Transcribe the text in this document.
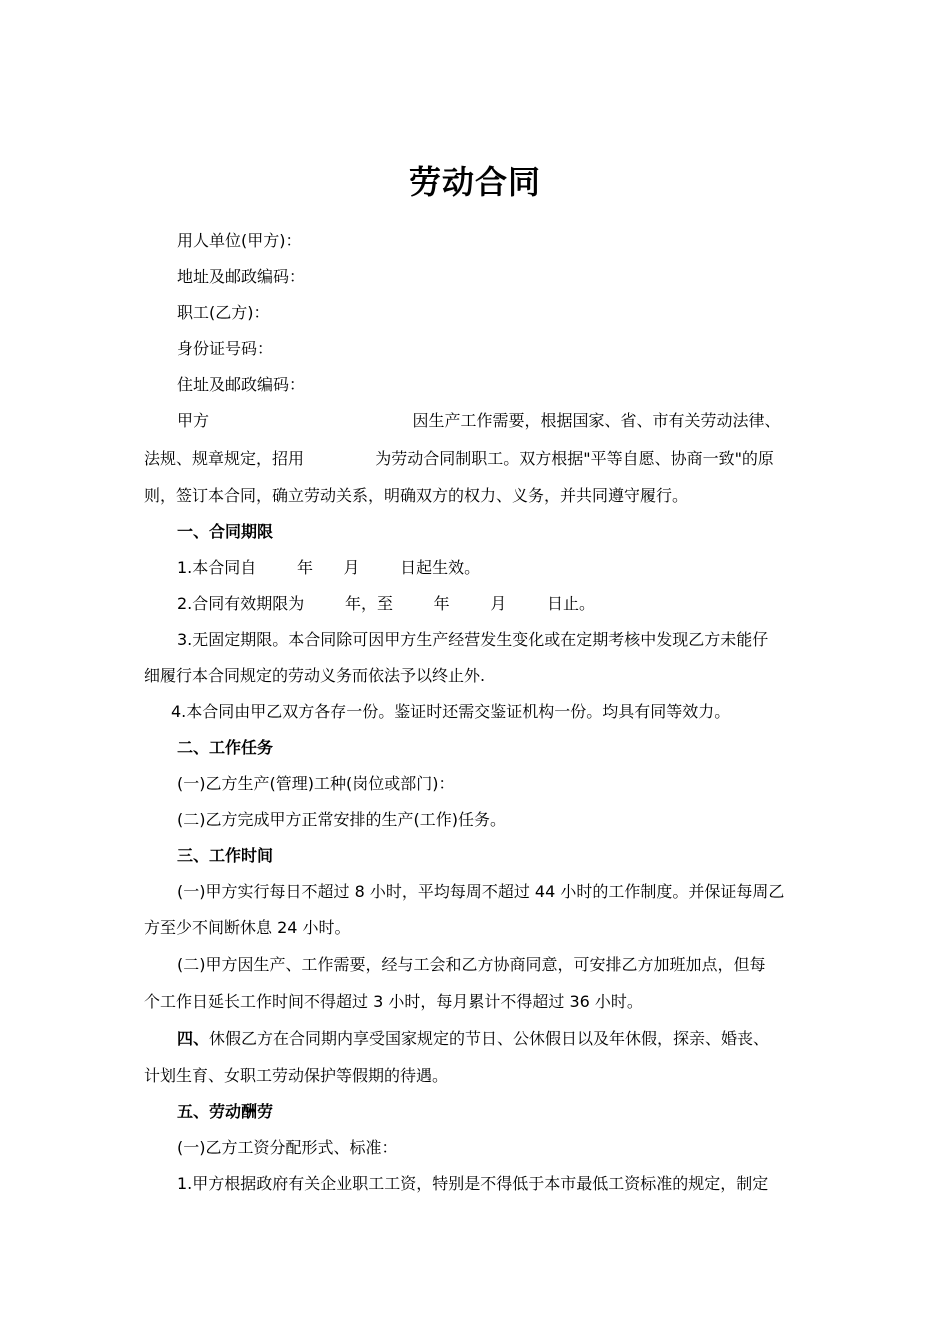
劳动合同
用人单位(甲方)：
地址及邮政编码：
职工(乙方)：
身份证号码：
住址及邮政编码：
甲方                                        因生产工作需要，根据国家、省、市有关劳动法律、
法规、规章规定，招用              为劳动合同制职工。双方根据"平等自愿、协商一致"的原
则，签订本合同，确立劳动关系，明确双方的权力、义务，并共同遵守履行。
一、合同期限
1.本合同自        年      月        日起生效。
2.合同有效期限为        年，至        年        月        日止。
3.无固定期限。本合同除可因甲方生产经营发生变化或在定期考核中发现乙方未能仔
细履行本合同规定的劳动义务而依法予以终止外.
4.本合同由甲乙双方各存一份。鉴证时还需交鉴证机构一份。均具有同等效力。
二、工作任务
(一)乙方生产(管理)工种(岗位或部门)：
(二)乙方完成甲方正常安排的生产(工作)任务。
三、工作时间
(一)甲方实行每日不超过 8 小时，平均每周不超过 44 小时的工作制度。并保证每周乙
方至少不间断休息 24 小时。
(二)甲方因生产、工作需要，经与工会和乙方协商同意，可安排乙方加班加点，但每
个工作日延长工作时间不得超过 3 小时，每月累计不得超过 36 小时。
四、休假乙方在合同期内享受国家规定的节日、公休假日以及年休假，探亲、婚丧、
计划生育、女职工劳动保护等假期的待遇。
五、劳动酬劳
(一)乙方工资分配形式、标准：
1.甲方根据政府有关企业职工工资，特别是不得低于本市最低工资标准的规定，制定
